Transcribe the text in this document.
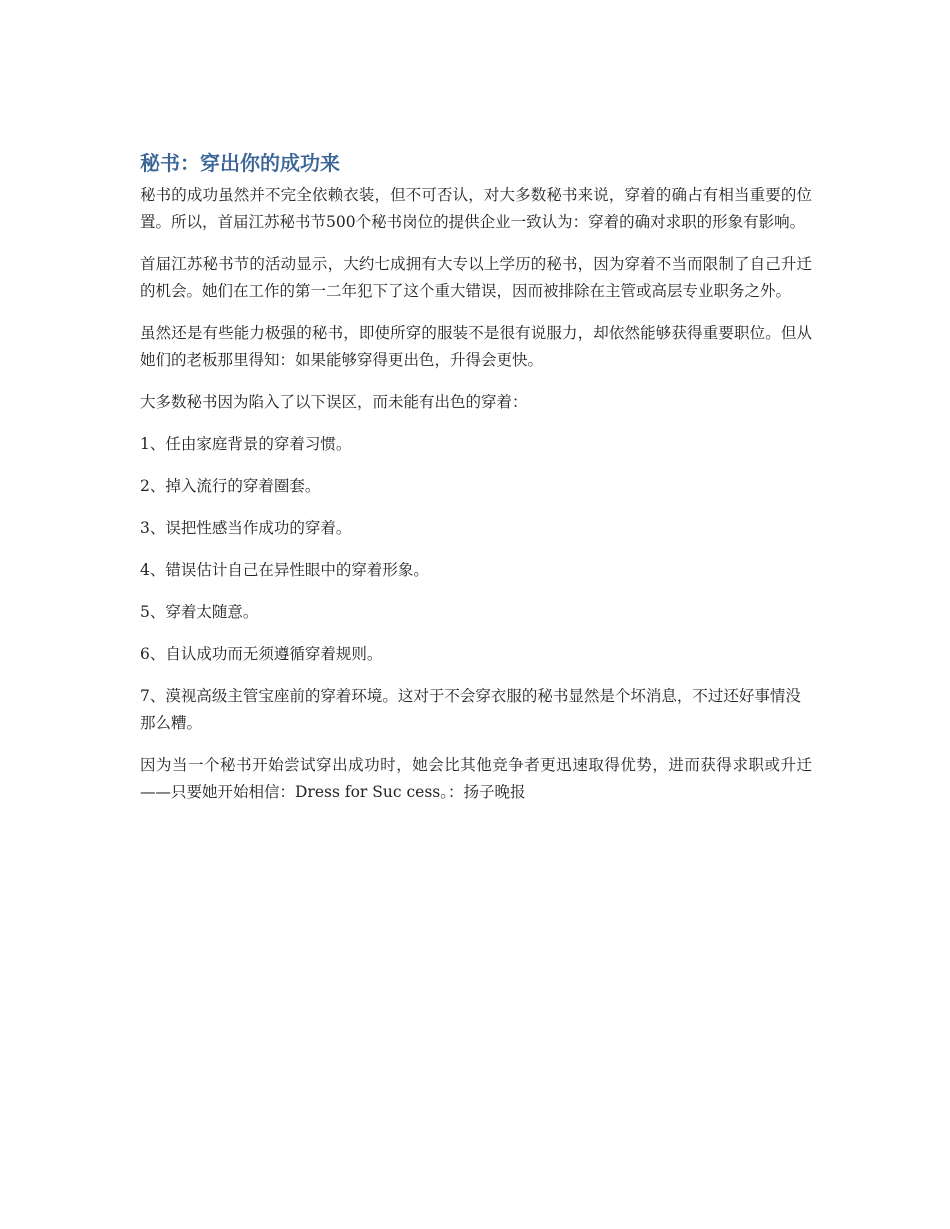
秘书：穿出你的成功来

秘书的成功虽然并不完全依赖衣装，但不可否认，对大多数秘书来说，穿着的确占有相当重要的位置。所以，首届江苏秘书节500个秘书岗位的提供企业一致认为：穿着的确对求职的形象有影响。

首届江苏秘书节的活动显示，大约七成拥有大专以上学历的秘书，因为穿着不当而限制了自己升迁的机会。她们在工作的第一二年犯下了这个重大错误，因而被排除在主管或高层专业职务之外。

虽然还是有些能力极强的秘书，即使所穿的服装不是很有说服力，却依然能够获得重要职位。但从她们的老板那里得知：如果能够穿得更出色，升得会更快。

大多数秘书因为陷入了以下误区，而未能有出色的穿着：

1、任由家庭背景的穿着习惯。

2、掉入流行的穿着圈套。

3、误把性感当作成功的穿着。

4、错误估计自己在异性眼中的穿着形象。

5、穿着太随意。

6、自认成功而无须遵循穿着规则。

7、漠视高级主管宝座前的穿着环境。这对于不会穿衣服的秘书显然是个坏消息，不过还好事情没那么糟。

因为当一个秘书开始尝试穿出成功时，她会比其他竞争者更迅速取得优势，进而获得求职或升迁——只要她开始相信：Dress for Suc cess。：扬子晚报
